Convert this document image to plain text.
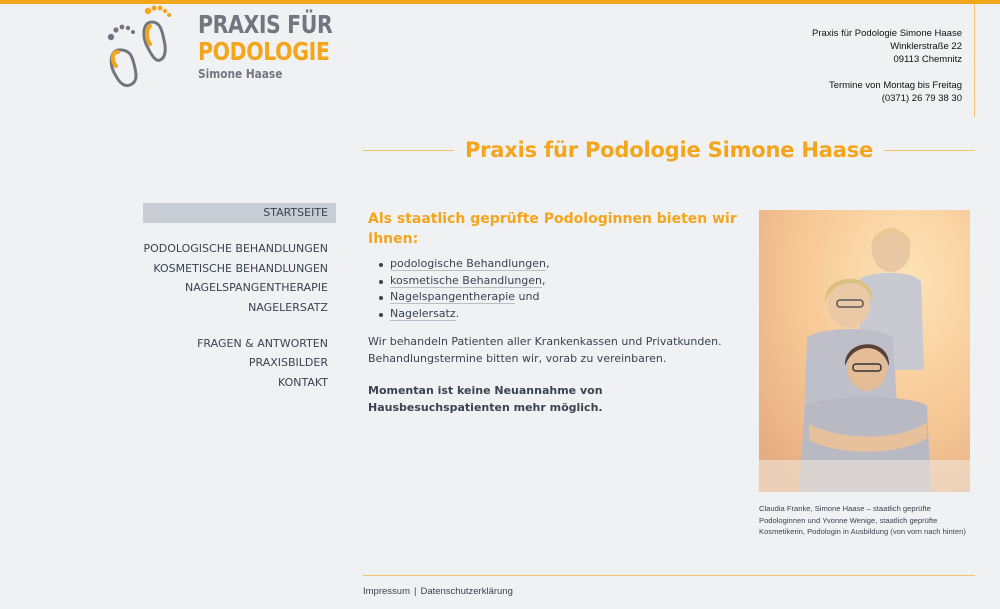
PRAXIS FÜR
PODOLOGIE
Simone Haase
Praxis für Podologie Simone Haase
Winklerstraße 22
09113 Chemnitz
Termine von Montag bis Freitag
(0371) 26 79 38 30
Praxis für Podologie Simone Haase
STARTSEITE
PODOLOGISCHE BEHANDLUNGEN
KOSMETISCHE BEHANDLUNGEN
NAGELSPANGENTHERAPIE
NAGELERSATZ
FRAGEN & ANTWORTEN
PRAXISBILDER
KONTAKT
Als staatlich geprüfte Podologinnen bieten wir Ihnen:
podologische Behandlungen,
kosmetische Behandlungen,
Nagelspangentherapie und
Nagelersatz.

Wir behandeln Patienten aller Krankenkassen und Privatkunden. Behandlungstermine bitten wir, vorab zu vereinbaren.

Momentan ist keine Neuannahme von Hausbesuchspatienten mehr möglich.

Claudia Franke, Simone Haase – staatlich geprüfte Podologinnen und Yvonne Wenige, staatlich geprüfte Kosmetikerin, Podologin in Ausbildung (von vorn nach hinten)
Impressum | Datenschutzerklärung
